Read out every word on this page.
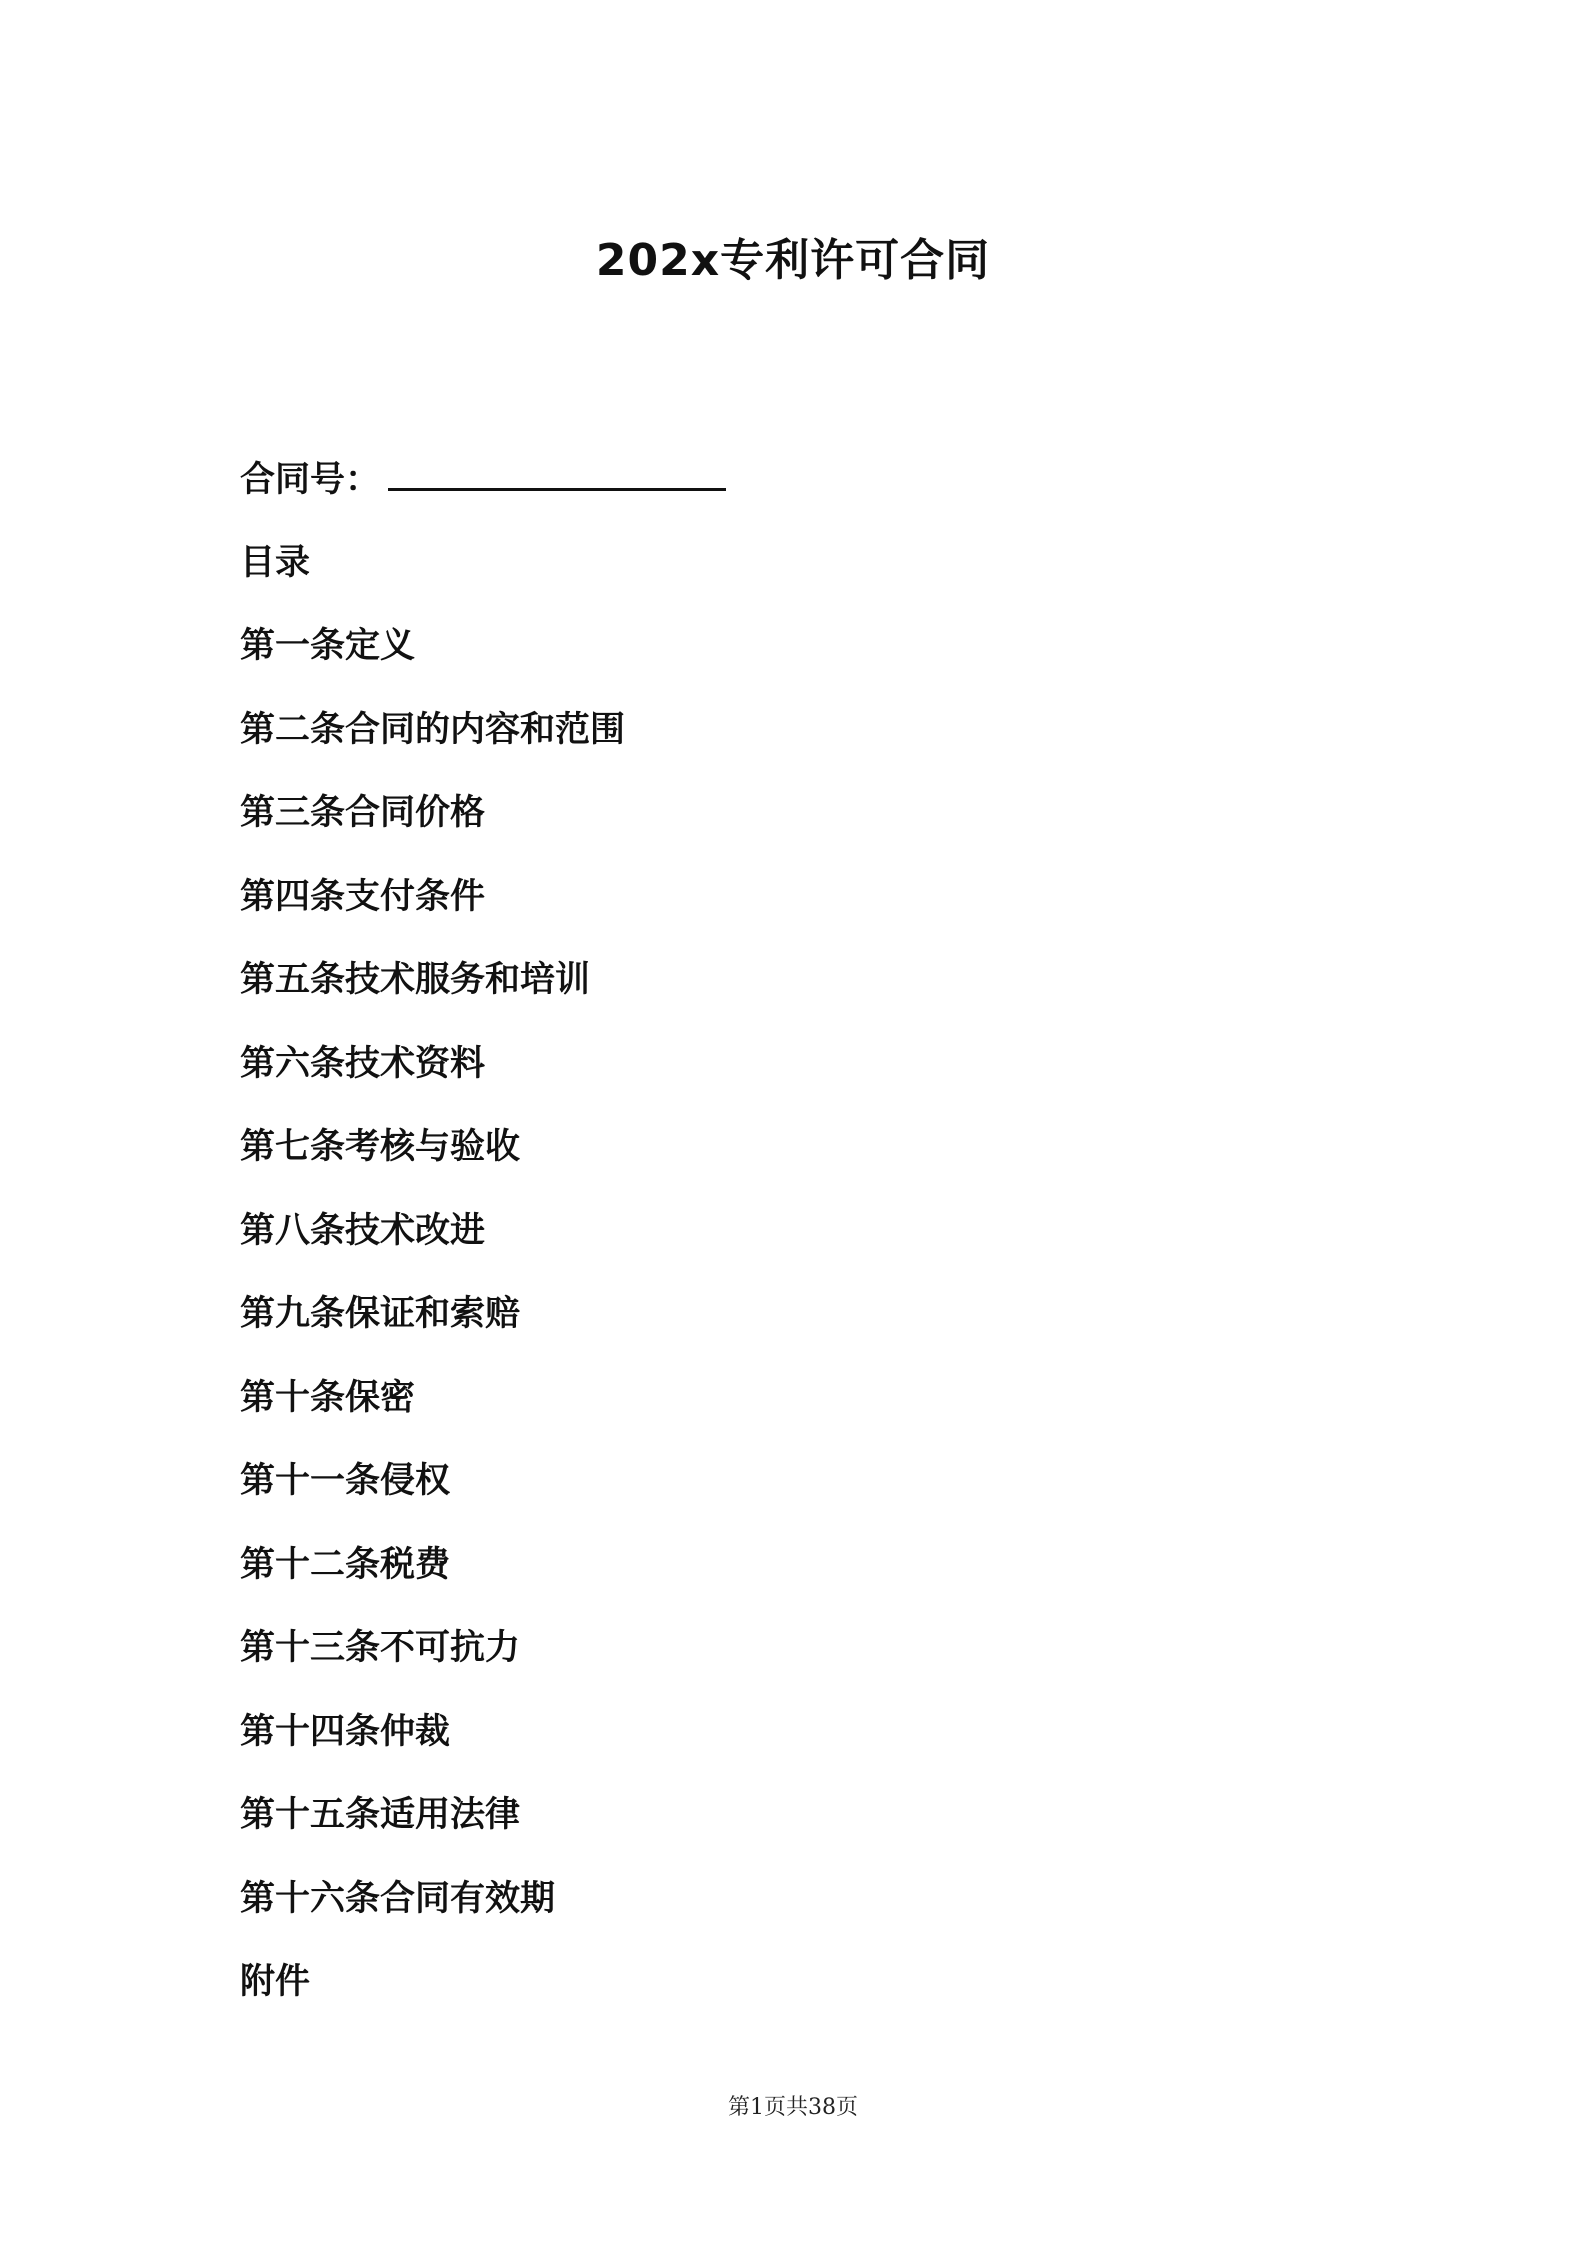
202x专利许可合同
合同号：
目录
第一条定义
第二条合同的内容和范围
第三条合同价格
第四条支付条件
第五条技术服务和培训
第六条技术资料
第七条考核与验收
第八条技术改进
第九条保证和索赔
第十条保密
第十一条侵权
第十二条税费
第十三条不可抗力
第十四条仲裁
第十五条适用法律
第十六条合同有效期
附件
第1页共38页
